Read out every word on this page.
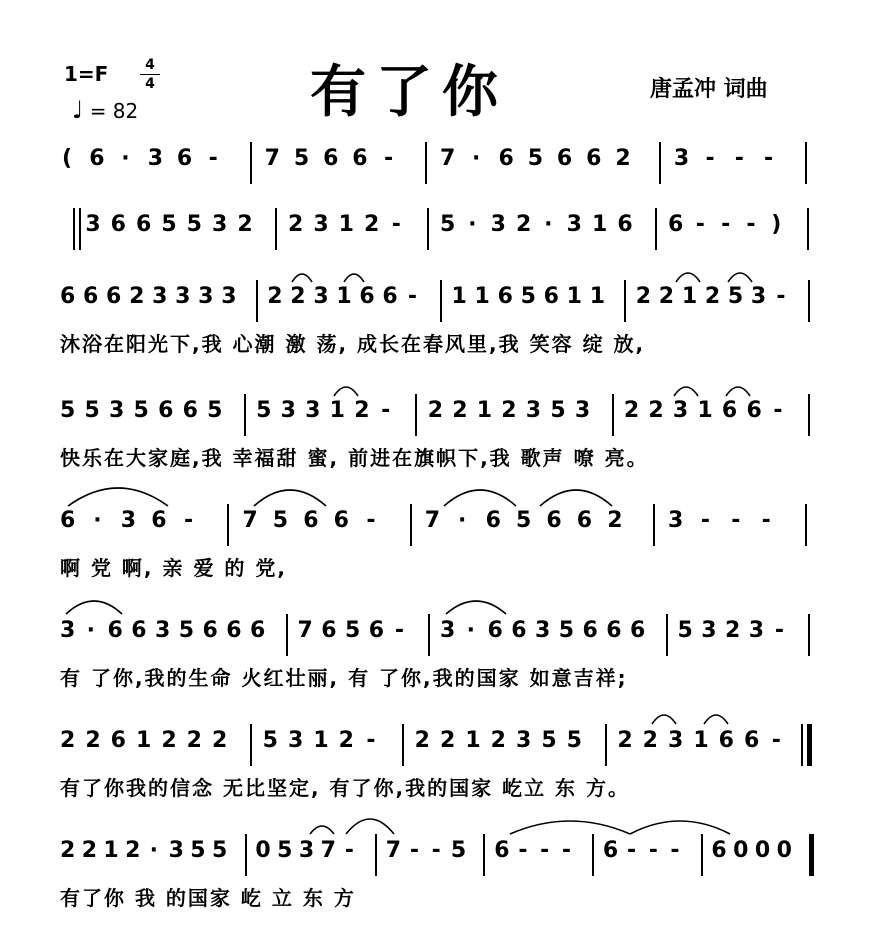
1=F	4
4
♩ = 82	有了你	唐孟冲 词曲
( 6 · 3 6 - 7 5 6 6 - 7 · 6 5 6 6 2 3 - - -
3 6 6 5 5 3 2 2 3 1 2 - 5 · 3 2 · 3 1 6 6 - - - )
6 6 6 2 3 3 3 3 2 2 3 1 6 6 - 1 1 6 5 6 1 1 2 2 1 2 5 3 -
沐浴在阳光下,我 心潮 激 荡, 成长在春风里,我 笑容 绽 放,
5 5 3 5 6 6 5 5 3 3 1 2 - 2 2 1 2 3 5 3 2 2 3 1 6 6 -
快乐在大家庭,我 幸福甜 蜜, 前进在旗帜下,我 歌声 嘹 亮。
6 · 3 6 - 7 5 6 6 - 7 · 6 5 6 6 2 3 - - -
啊 党 啊, 亲 爱 的 党,
3 · 6 6 3 5 6 6 6 7 6 5 6 - 3 · 6 6 3 5 6 6 6 5 3 2 3 -
有 了你,我的生命 火红壮丽, 有 了你,我的国家 如意吉祥;
2 2 6 1 2 2 2 5 3 1 2 - 2 2 1 2 3 5 5 2 2 3 1 6 6 -
有了你我的信念 无比坚定, 有了你,我的国家 屹立 东 方。
2 2 1 2 · 3 5 5 0 5 3 7 - 7 - - 5 6 - - - 6 - - - 6 0 0 0
有了你 我 的国家 屹 立 东 方
